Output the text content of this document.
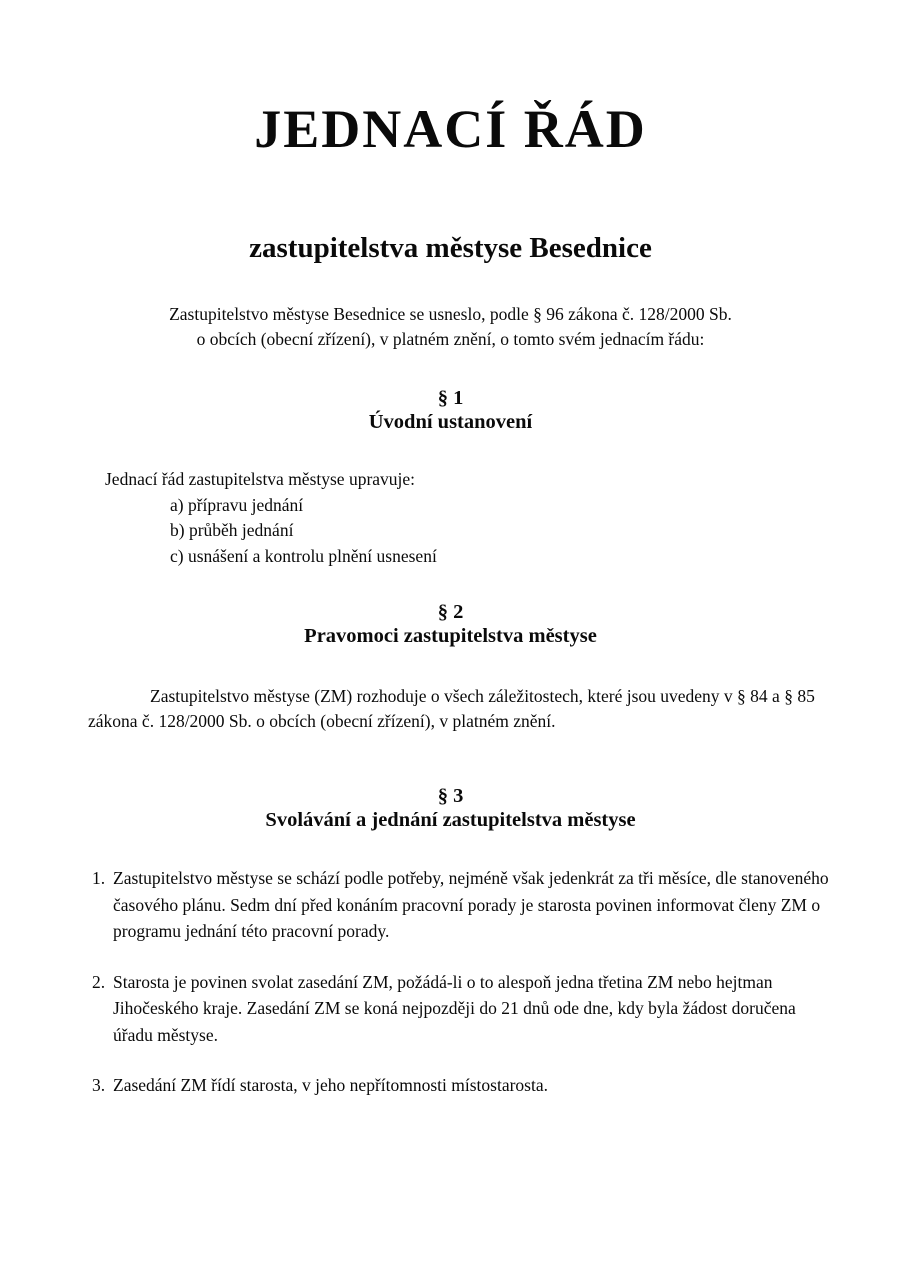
JEDNACÍ ŘÁD
zastupitelstva městyse Besednice

Zastupitelstvo městyse Besednice se usneslo, podle § 96 zákona č. 128/2000 Sb.
o obcích (obecní zřízení), v platném znění, o tomto svém jednacím řádu:

§ 1
Úvodní ustanovení
Jednací řád zastupitelstva městyse upravuje:
a) přípravu jednání
b) průběh jednání
c) usnášení a kontrolu plnění usnesení
§ 2
Pravomoci zastupitelstva městyse

Zastupitelstvo městyse (ZM) rozhoduje o všech záležitostech, které jsou uvedeny v § 84 a § 85 zákona č. 128/2000 Sb. o obcích (obecní zřízení), v platném znění.

§ 3
Svolávání a jednání zastupitelstva městyse
1. Zastupitelstvo městyse se schází podle potřeby, nejméně však jedenkrát za tři měsíce, dle stanoveného časového plánu. Sedm dní před konáním pracovní porady je starosta povinen informovat členy ZM o programu jednání této pracovní porady.
2. Starosta je povinen svolat zasedání ZM, požádá-li o to alespoň jedna třetina ZM nebo hejtman Jihočeského kraje. Zasedání ZM se koná nejpozději do 21 dnů ode dne, kdy byla žádost doručena úřadu městyse.
3. Zasedání ZM řídí starosta, v jeho nepřítomnosti místostarosta.
